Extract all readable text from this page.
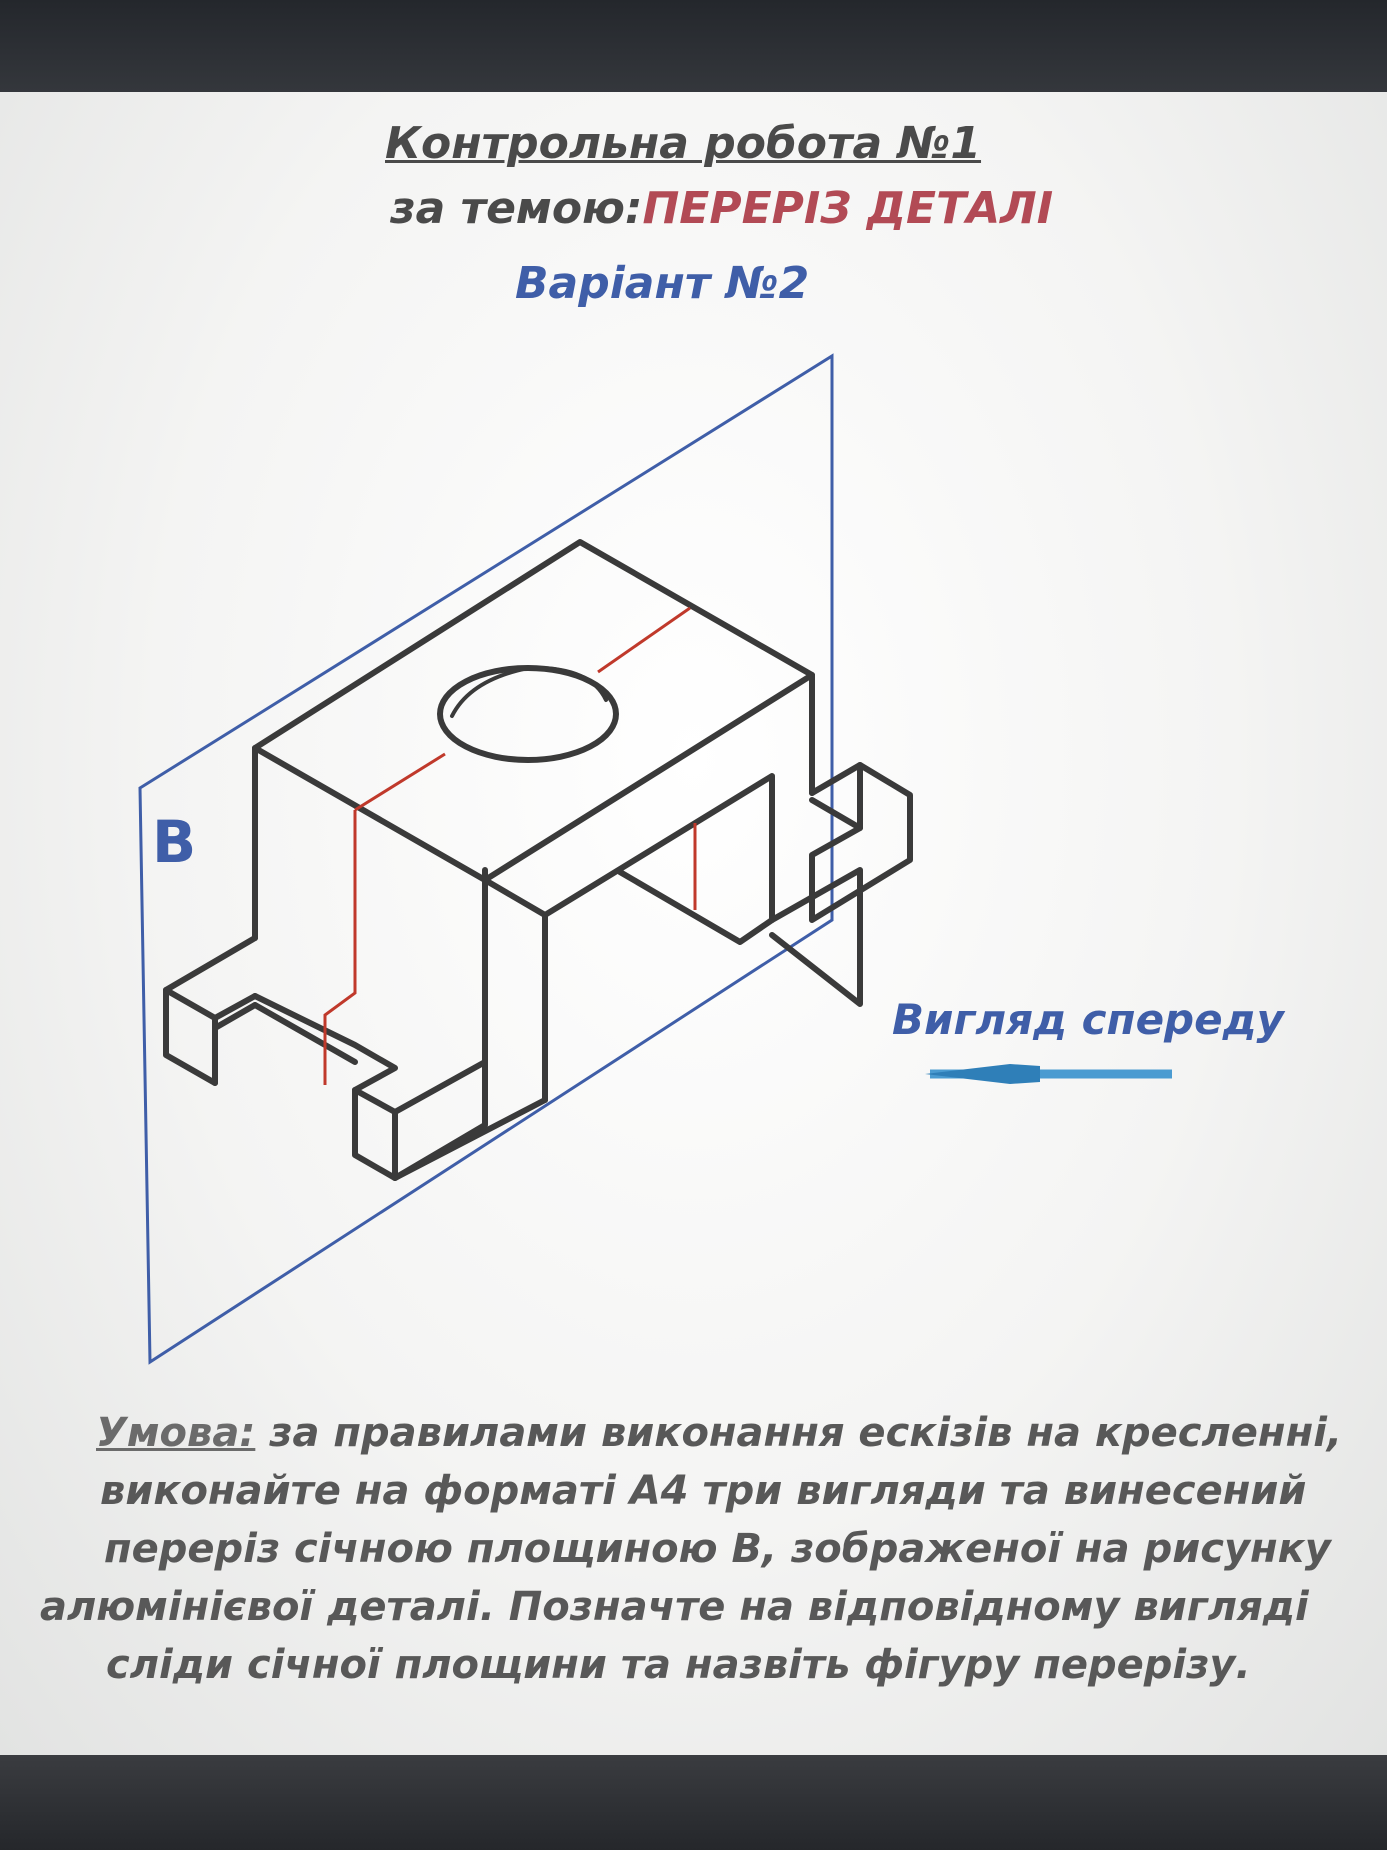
Контрольна робота №1
за темою:ПЕРЕРІЗ ДЕТАЛІ
Варіант №2
B
Вигляд спереду
Умова: за правилами виконання ескізів на кресленні,
виконайте на форматі А4 три вигляди та винесений
переріз січною площиною В, зображеної на рисунку
алюмінієвої деталі. Позначте на відповідному вигляді
сліди січної площини та назвіть фігуру перерізу.
